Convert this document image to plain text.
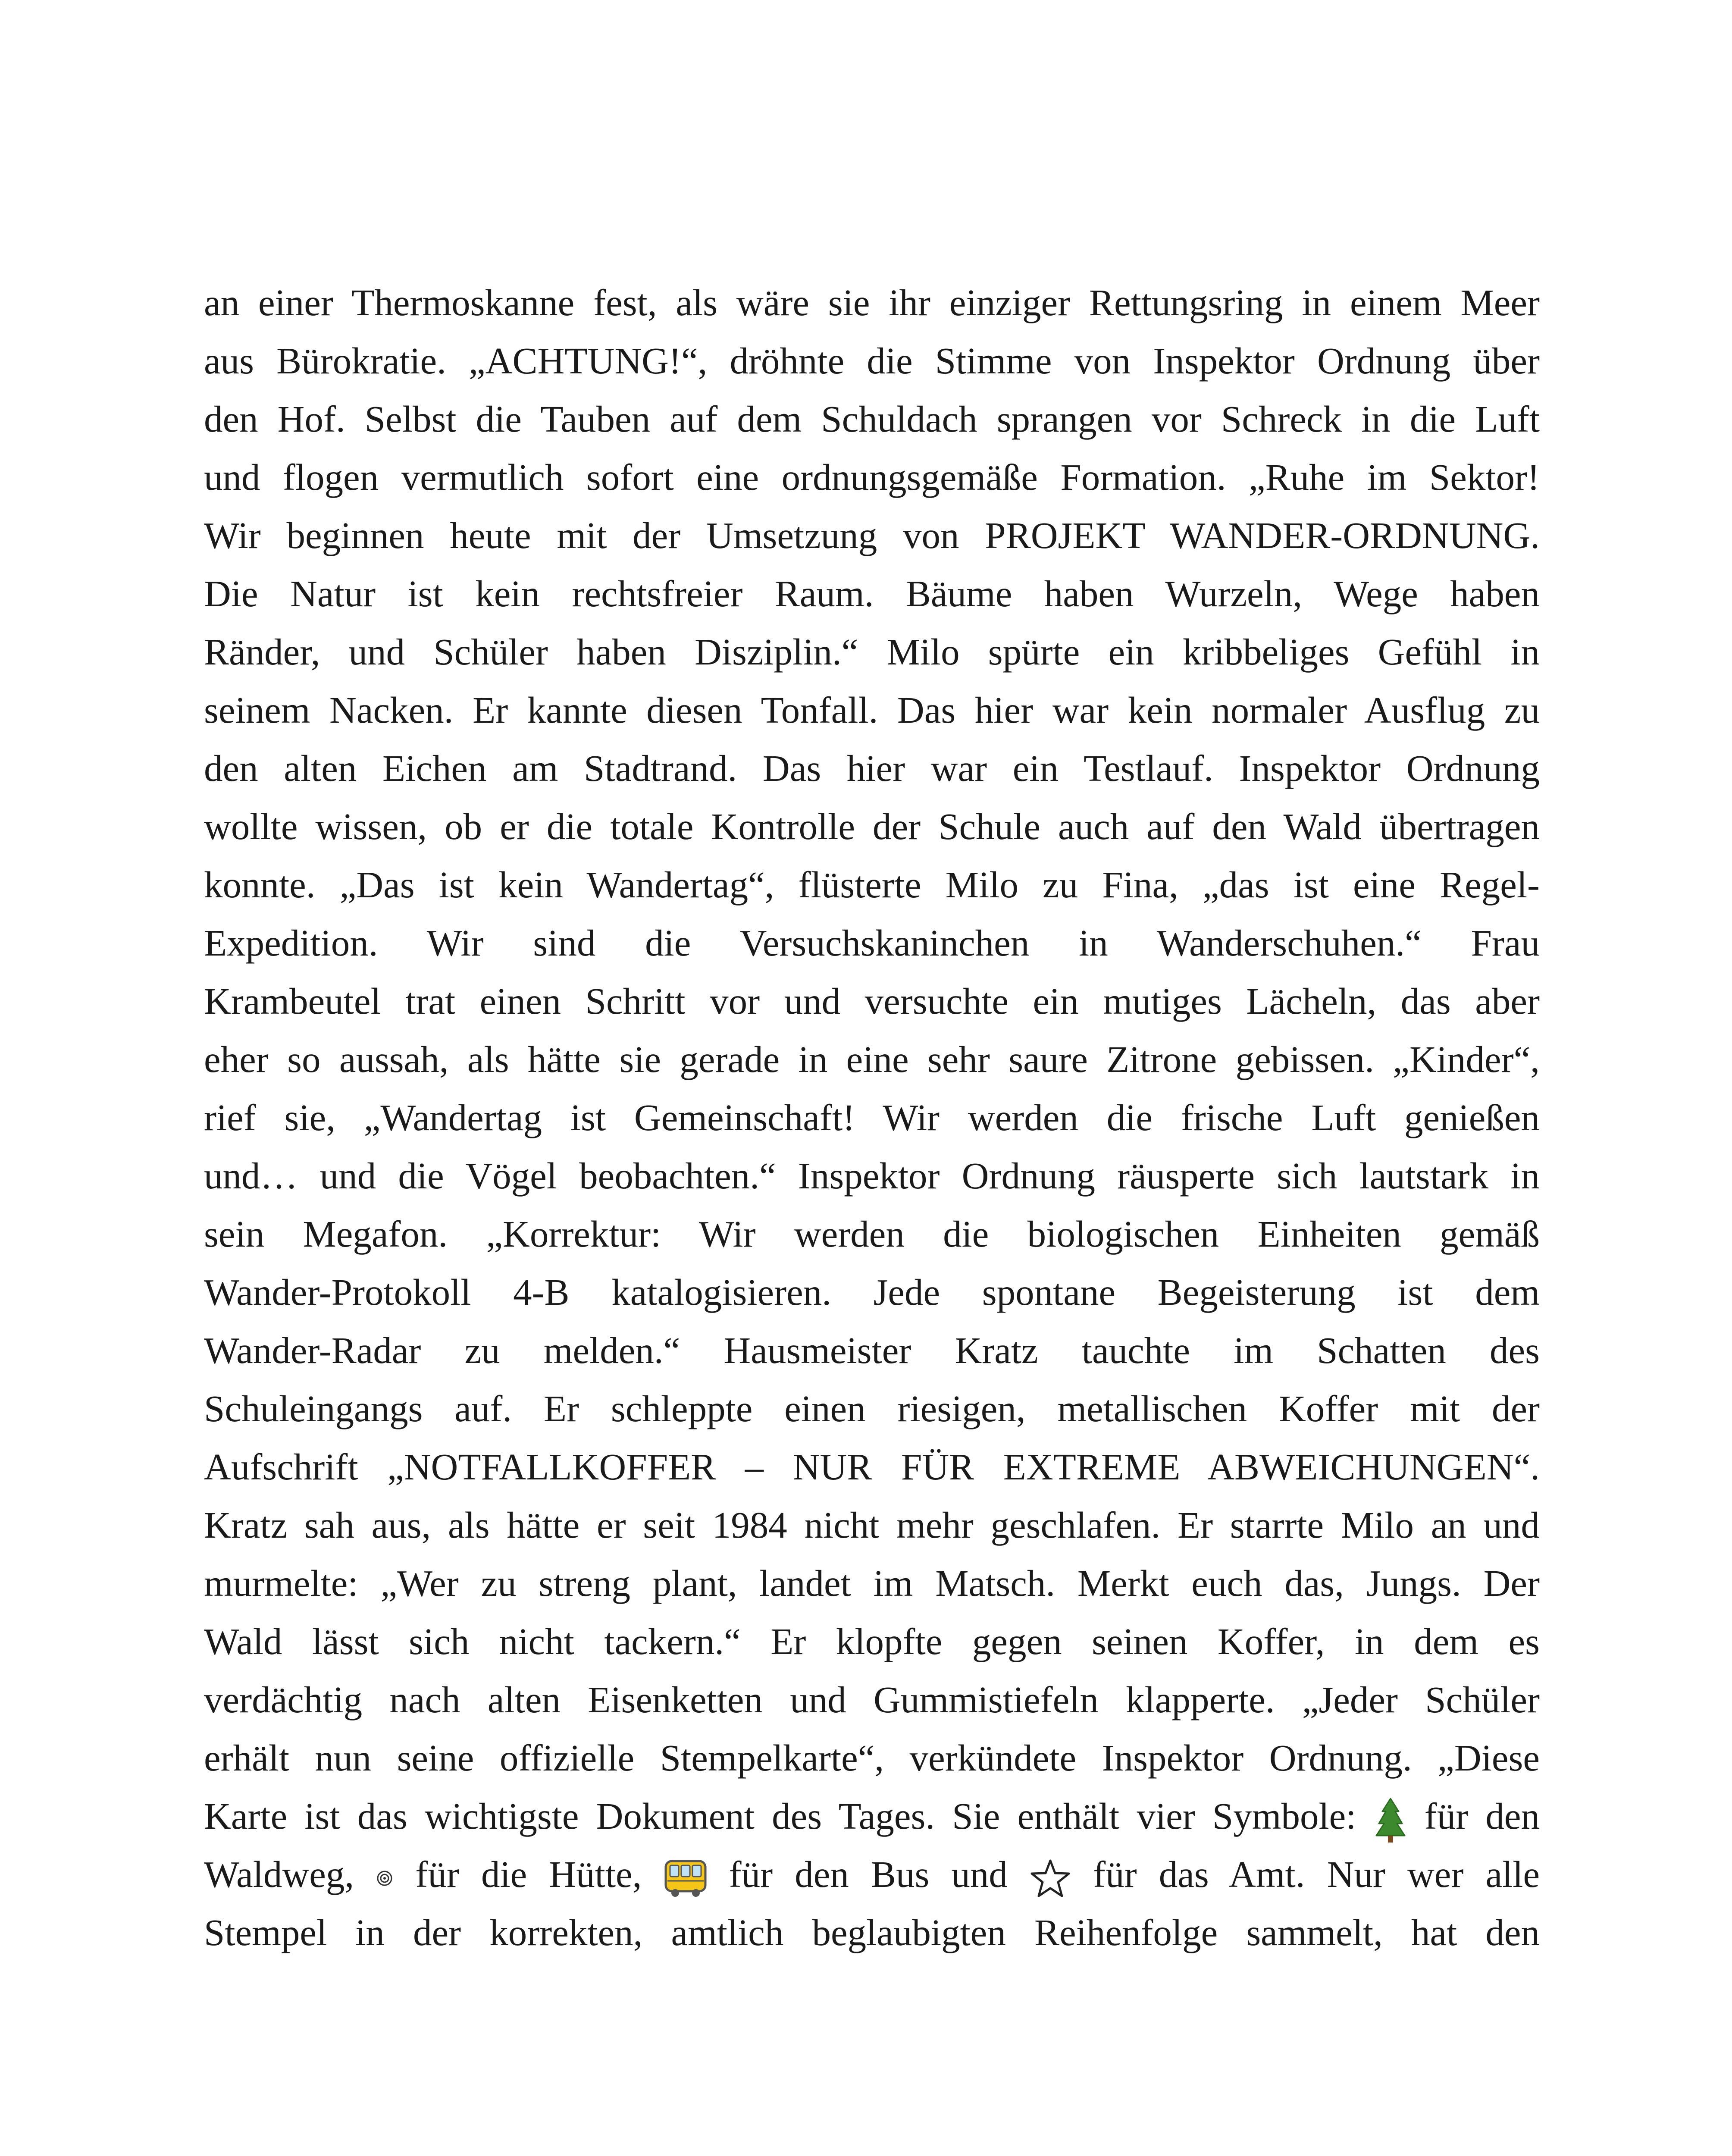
an einer Thermoskanne fest, als wäre sie ihr einziger Rettungsring in einem Meer
aus Bürokratie. „ACHTUNG!“, dröhnte die Stimme von Inspektor Ordnung über
den Hof. Selbst die Tauben auf dem Schuldach sprangen vor Schreck in die Luft
und flogen vermutlich sofort eine ordnungsgemäße Formation. „Ruhe im Sektor!
Wir beginnen heute mit der Umsetzung von PROJEKT WANDER-ORDNUNG.
Die Natur ist kein rechtsfreier Raum. Bäume haben Wurzeln, Wege haben
Ränder, und Schüler haben Disziplin.“ Milo spürte ein kribbeliges Gefühl in
seinem Nacken. Er kannte diesen Tonfall. Das hier war kein normaler Ausflug zu
den alten Eichen am Stadtrand. Das hier war ein Testlauf. Inspektor Ordnung
wollte wissen, ob er die totale Kontrolle der Schule auch auf den Wald übertragen
konnte. „Das ist kein Wandertag“, flüsterte Milo zu Fina, „das ist eine Regel-
Expedition. Wir sind die Versuchskaninchen in Wanderschuhen.“ Frau
Krambeutel trat einen Schritt vor und versuchte ein mutiges Lächeln, das aber
eher so aussah, als hätte sie gerade in eine sehr saure Zitrone gebissen. „Kinder“,
rief sie, „Wandertag ist Gemeinschaft! Wir werden die frische Luft genießen
und… und die Vögel beobachten.“ Inspektor Ordnung räusperte sich lautstark in
sein Megafon. „Korrektur: Wir werden die biologischen Einheiten gemäß
Wander-Protokoll 4-B katalogisieren. Jede spontane Begeisterung ist dem
Wander-Radar zu melden.“ Hausmeister Kratz tauchte im Schatten des
Schuleingangs auf. Er schleppte einen riesigen, metallischen Koffer mit der
Aufschrift „NOTFALLKOFFER – NUR FÜR EXTREME ABWEICHUNGEN“.
Kratz sah aus, als hätte er seit 1984 nicht mehr geschlafen. Er starrte Milo an und
murmelte: „Wer zu streng plant, landet im Matsch. Merkt euch das, Jungs. Der
Wald lässt sich nicht tackern.“ Er klopfte gegen seinen Koffer, in dem es
verdächtig nach alten Eisenketten und Gummistiefeln klapperte. „Jeder Schüler
erhält nun seine offizielle Stempelkarte“, verkündete Inspektor Ordnung. „Diese
Karte ist das wichtigste Dokument des Tages. Sie enthält vier Symbole: für den
Waldweg, für die Hütte, für den Bus und für das Amt. Nur wer alle
Stempel in der korrekten, amtlich beglaubigten Reihenfolge sammelt, hat den
